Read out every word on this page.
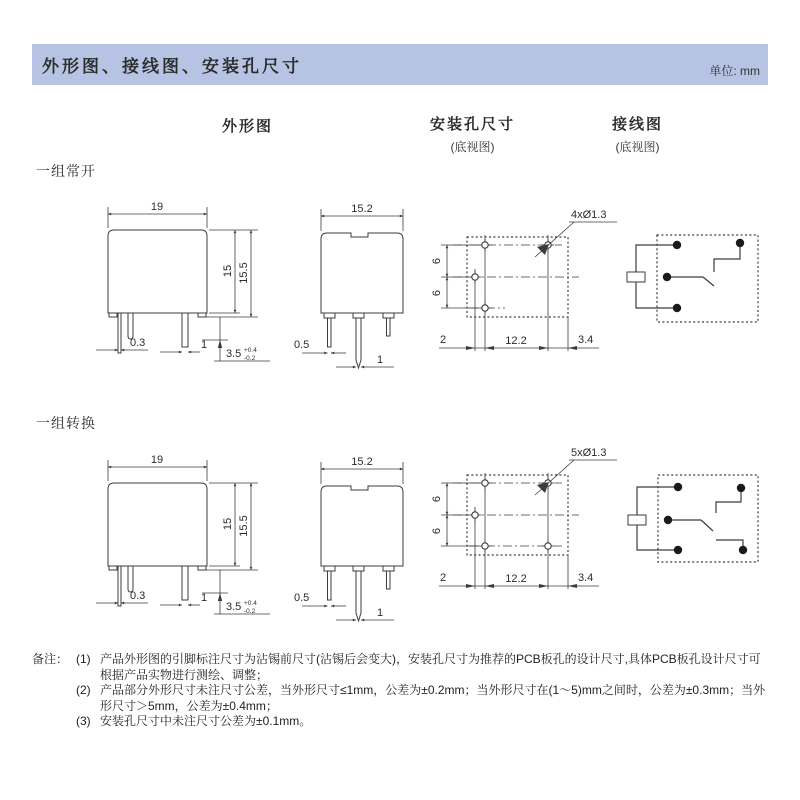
外形图、接线图、安装孔尺寸	单位: mm
外形图	安装孔尺寸
(底视图)
接线图
(底视图)
一组常开
一组转换
19
15 15.5
0.3	1
3.5 +0.4
-0.2
15.2
0.5
1
6
6
2	12.2	3.4
4xØ1.3
19
15 15.5
0.3	1
3.5 +0.4
-0.2
15.2
0.5
1
6
6
2	12.2	3.4
5xØ1.3
备注： (1) 产品外形图的引脚标注尺寸为沾锡前尺寸(沾锡后会变大)，安装孔尺寸为推荐的PCB板孔的设计尺寸,具体PCB板孔设计尺寸可根据产品实物进行测绘、调整；
(2) 产品部分外形尺寸未注尺寸公差，当外形尺寸≤1mm，公差为±0.2mm；当外形尺寸在(1～5)mm之间时，公差为±0.3mm；当外形尺寸＞5mm，公差为±0.4mm；
(3) 安装孔尺寸中未注尺寸公差为±0.1mm。
